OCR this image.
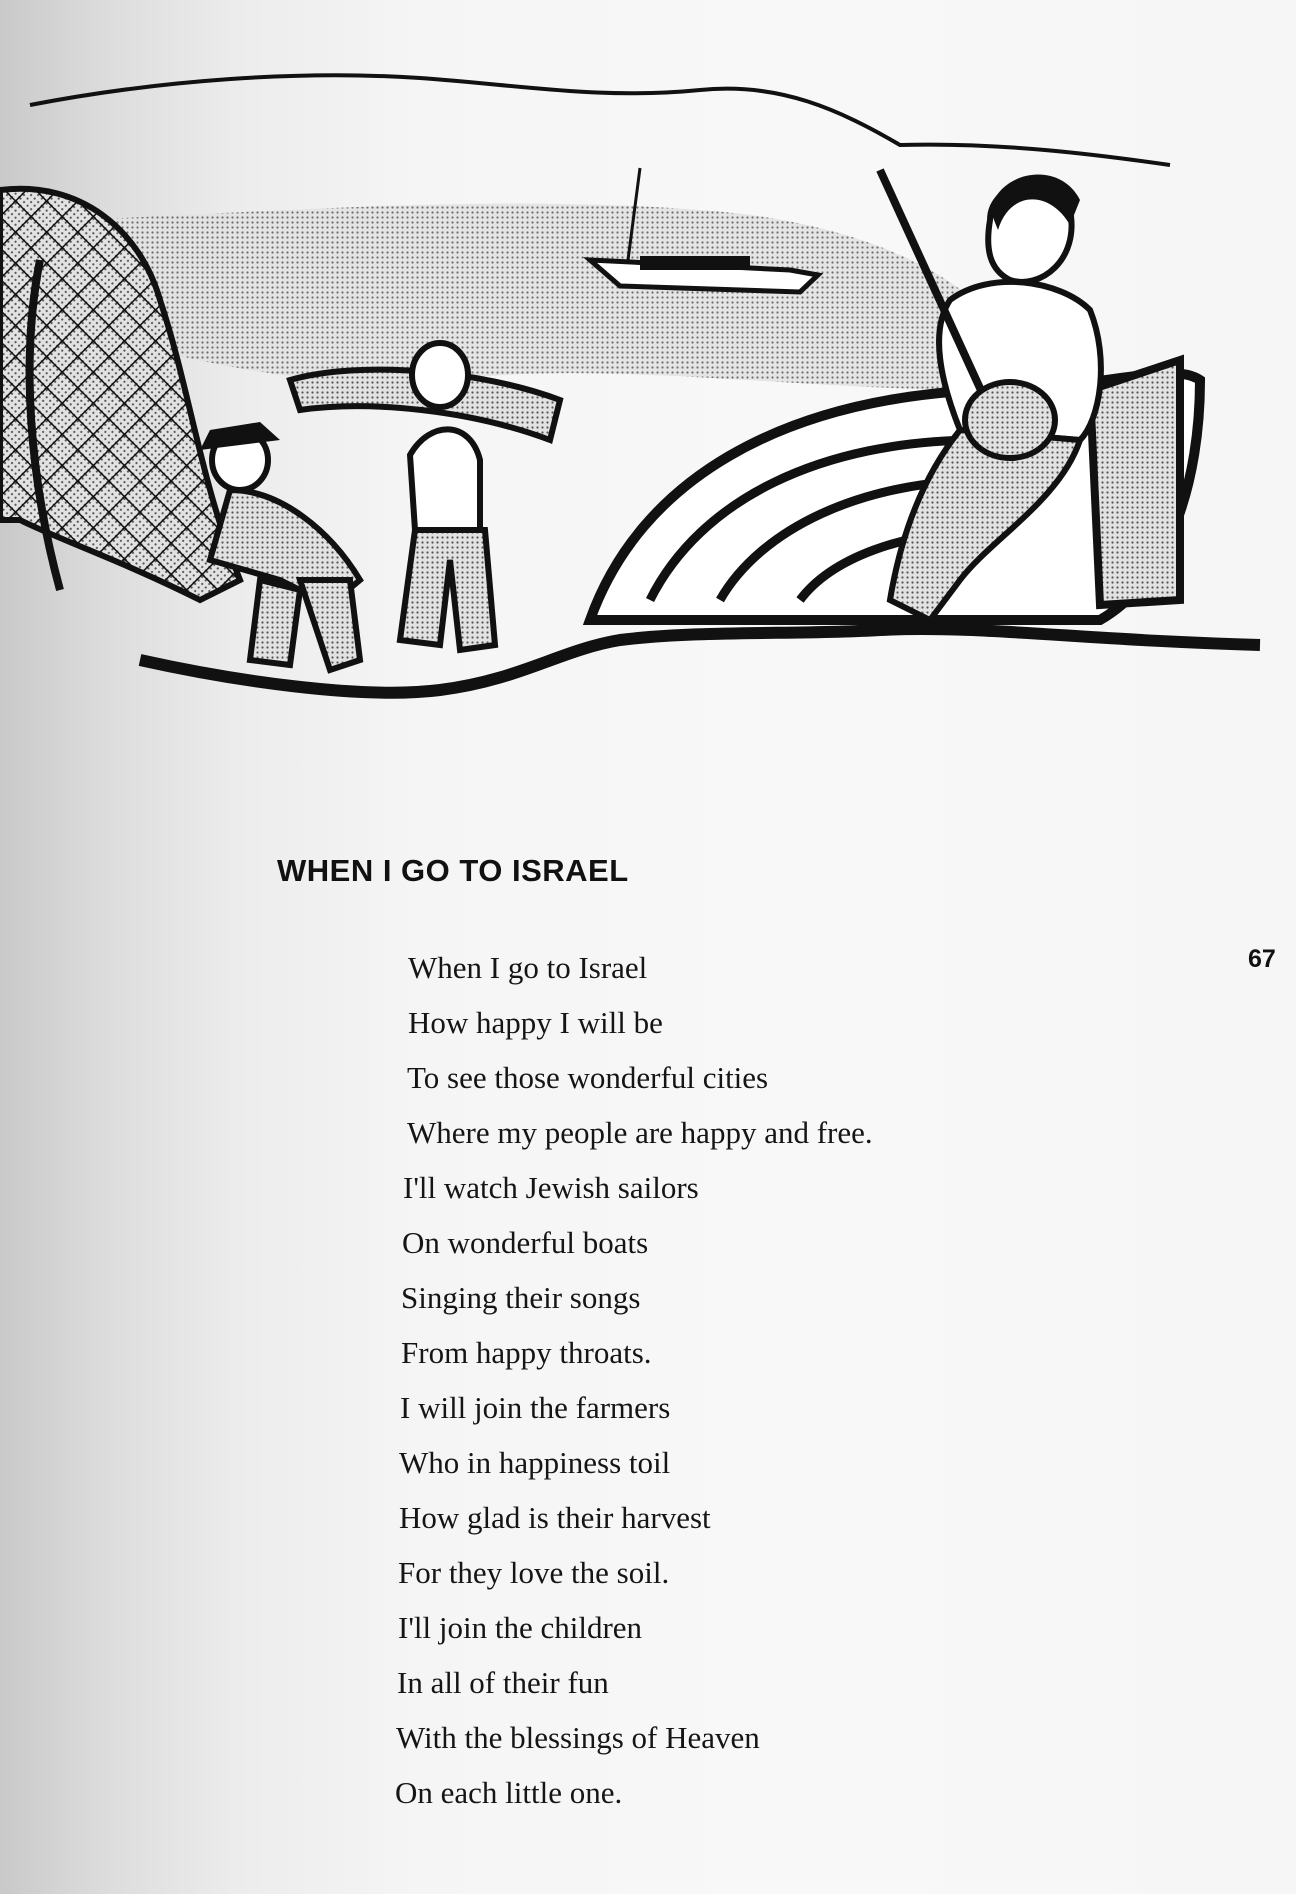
WHEN I GO TO ISRAEL
67
When I go to Israel
How happy I will be
To see those wonderful cities
Where my people are happy and free.
I'll watch Jewish sailors
On wonderful boats
Singing their songs
From happy throats.
I will join the farmers
Who in happiness toil
How glad is their harvest
For they love the soil.
I'll join the children
In all of their fun
With the blessings of Heaven
On each little one.
